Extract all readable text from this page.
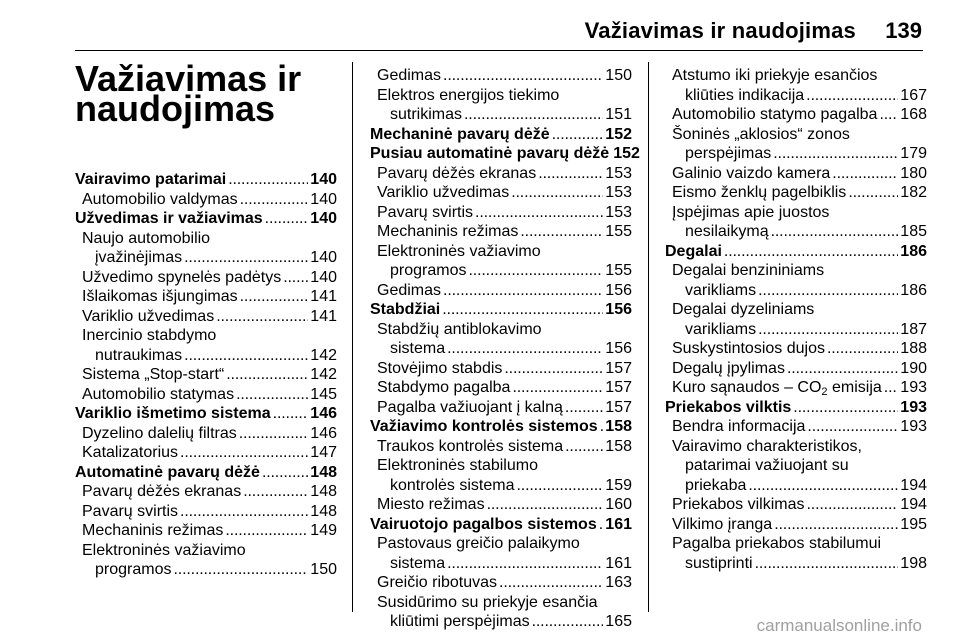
Važiavimas ir naudojimas 139
Važiavimas ir naudojimas
Vairavimo patarimai . . .	140
Automobilio valdymas . . .	140
Užvedimas ir važiavimas . . .	140
Naujo automobilio
įvažinėjimas . . .	140
Užvedimo spynelės padėtys . . . 140
Išlaikomas išjungimas . . .	141
Variklio užvedimas . . .	141
Inercinio stabdymo
nutraukimas . . .	142
Sistema „Stop-start“ . . .	142
Automobilio statymas . . .	145
Variklio išmetimo sistema . . . 146
Dyzelino dalelių filtras . . .	146
Katalizatorius . . .	147
Automatinė pavarų dėžė . . .	148
Pavarų dėžės ekranas . . .	148
Pavarų svirtis . . .	148
Mechaninis režimas . . .	149
Elektroninės važiavimo
programos . . .	150
Gedimas . . .	150
Elektros energijos tiekimo
sutrikimas . . .	151
Mechaninė pavarų dėžė . . .	152
Pusiau automatinė pavarų dėžė 152
Pavarų dėžės ekranas . . .	153
Variklio užvedimas . . .	153
Pavarų svirtis . . .	153
Mechaninis režimas . . .	155
Elektroninės važiavimo
programos . . .	155
Gedimas . . .	156
Stabdžiai . . .	156
Stabdžių antiblokavimo
sistema . . .	156
Stovėjimo stabdis . . .	157
Stabdymo pagalba . . .	157
Pagalba važiuojant į kalną . . .	157
Važiavimo kontrolės sistemos . . . 158
Traukos kontrolės sistema . . .	158
Elektroninės stabilumo
kontrolės sistema . . .	159
Miesto režimas . . .	160
Vairuotojo pagalbos sistemos . . . 161
Pastovaus greičio palaikymo
sistema . . .	161
Greičio ribotuvas . . .	163
Susidūrimo su priekyje esančia
kliūtimi perspėjimas . . .	165
Atstumo iki priekyje esančios
kliūties indikacija . . .	167
Automobilio statymo pagalba . . . 168
Šoninės „aklosios“ zonos
perspėjimas . . .	179
Galinio vaizdo kamera . . .	180
Eismo ženklų pagelbiklis . . .	182
Įspėjimas apie juostos
nesilaikymą . . .	185
Degalai . . .	186
Degalai benzininiams
varikliams . . .	186
Degalai dyzeliniams
varikliams . . .	187
Suskystintosios dujos . . .	188
Degalų įpylimas . . .	190
Kuro sąnaudos – $CO_2$ emisija . . . 193
Priekabos vilktis . . .	193
Bendra informacija . . .	193
Vairavimo charakteristikos,
patarimai važiuojant su
priekaba . . .	194
Priekabos vilkimas . . .	194
Vilkimo įranga . . .	195
Pagalba priekabos stabilumui
sustiprinti . . .	198
carmanualsonline.info
